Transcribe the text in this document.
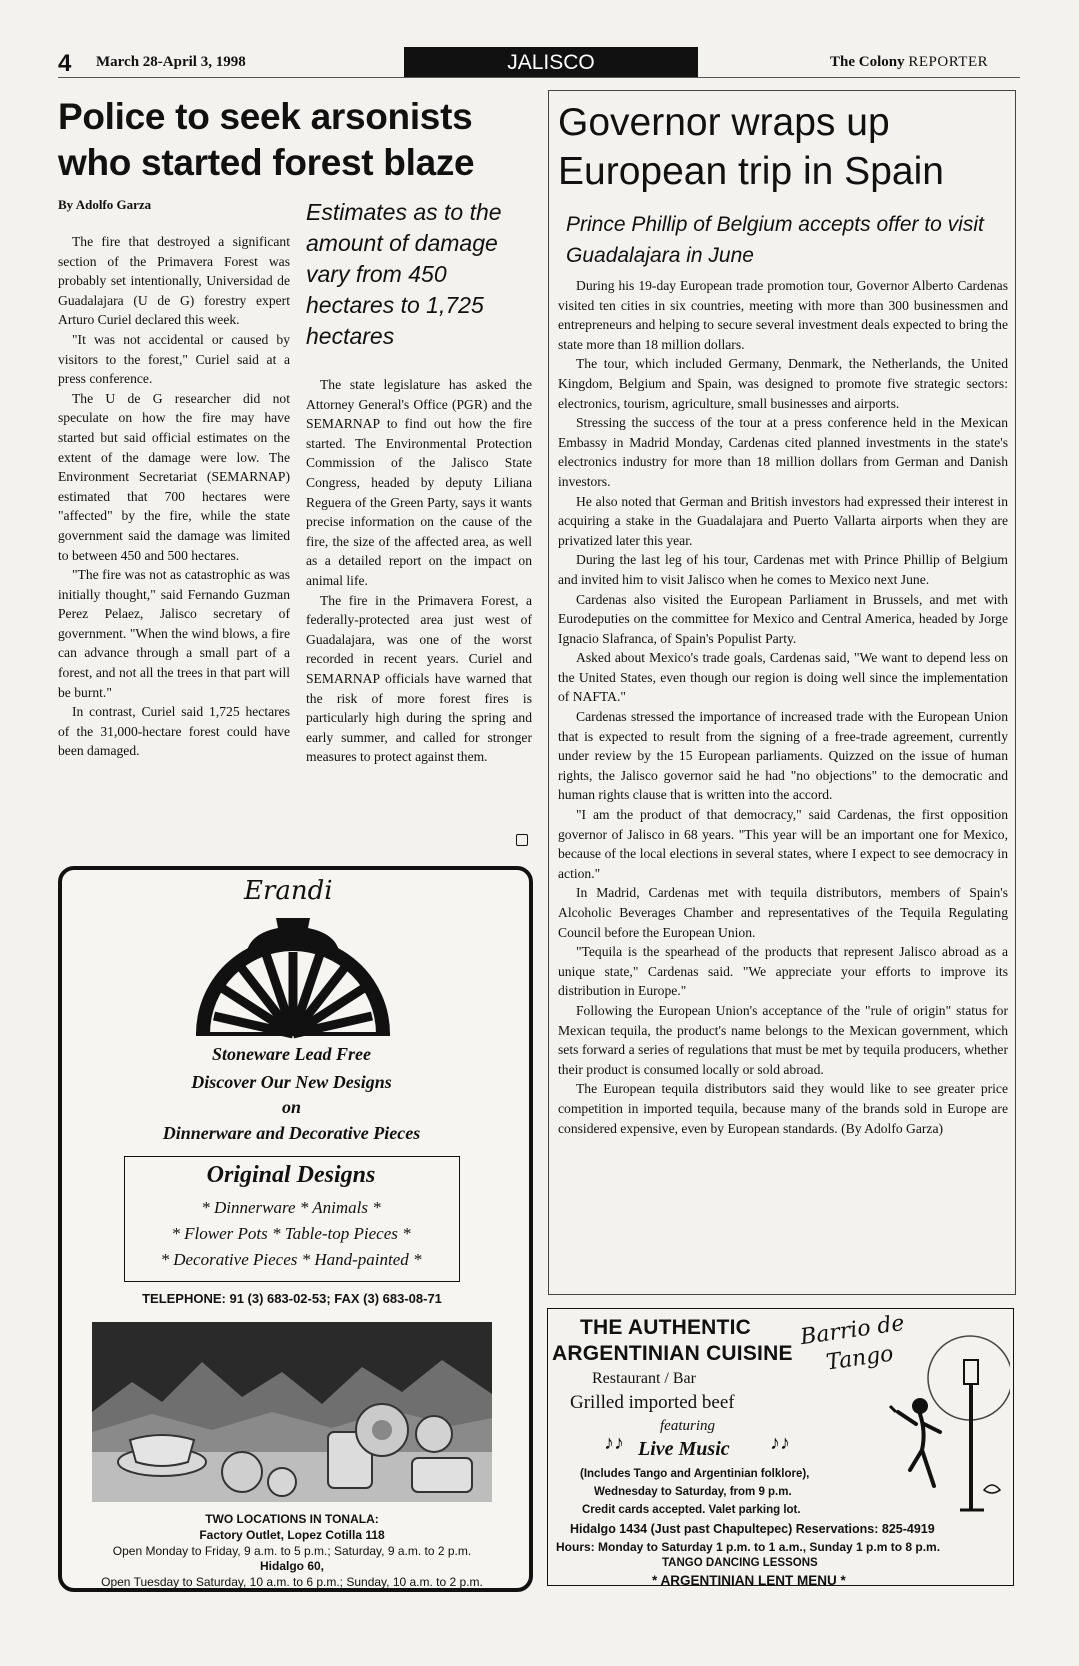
4 March 28-April 3, 1998	JALISCO	The Colony REPORTER
Police to seek arsonists
who started forest blaze
By Adolfo Garza	Estimates as to the amount of damage vary from 450 hectares to 1,725 hectares

The fire that destroyed a significant section of the Primavera Forest was probably set intentionally, Universidad de Guadalajara (U de G) forestry expert Arturo Curiel declared this week.

"It was not accidental or caused by visitors to the forest," Curiel said at a press conference.

The U de G researcher did not speculate on how the fire may have started but said official estimates on the extent of the damage were low. The Environment Secretariat (SEMARNAP) estimated that 700 hectares were "affected" by the fire, while the state government said the damage was limited to between 450 and 500 hectares.

"The fire was not as catastrophic as was initially thought," said Fernando Guzman Perez Pelaez, Jalisco secretary of government. "When the wind blows, a fire can advance through a small part of a forest, and not all the trees in that part will be burnt."

In contrast, Curiel said 1,725 hectares of the 31,000-hectare forest could have been damaged.

The state legislature has asked the Attorney General's Office (PGR) and the SEMARNAP to find out how the fire started. The Environmental Protection Commission of the Jalisco State Congress, headed by deputy Liliana Reguera of the Green Party, says it wants precise information on the cause of the fire, the size of the affected area, as well as a detailed report on the impact on animal life.

The fire in the Primavera Forest, a federally-protected area just west of Guadalajara, was one of the worst recorded in recent years. Curiel and SEMARNAP officials have warned that the risk of more forest fires is particularly high during the spring and early summer, and called for stronger measures to protect against them.

Governor wraps up
European trip in Spain
Prince Phillip of Belgium accepts offer to visit Guadalajara in June

During his 19-day European trade promotion tour, Governor Alberto Cardenas visited ten cities in six countries, meeting with more than 300 businessmen and entrepreneurs and helping to secure several investment deals expected to bring the state more than 18 million dollars.

The tour, which included Germany, Denmark, the Netherlands, the United Kingdom, Belgium and Spain, was designed to promote five strategic sectors: electronics, tourism, agriculture, small businesses and airports.

Stressing the success of the tour at a press conference held in the Mexican Embassy in Madrid Monday, Cardenas cited planned investments in the state's electronics industry for more than 18 million dollars from German and Danish investors.

He also noted that German and British investors had expressed their interest in acquiring a stake in the Guadalajara and Puerto Vallarta airports when they are privatized later this year.

During the last leg of his tour, Cardenas met with Prince Phillip of Belgium and invited him to visit Jalisco when he comes to Mexico next June.

Cardenas also visited the European Parliament in Brussels, and met with Eurodeputies on the committee for Mexico and Central America, headed by Jorge Ignacio Slafranca, of Spain's Populist Party.

Asked about Mexico's trade goals, Cardenas said, "We want to depend less on the United States, even though our region is doing well since the implementation of NAFTA."

Cardenas stressed the importance of increased trade with the European Union that is expected to result from the signing of a free-trade agreement, currently under review by the 15 European parliaments. Quizzed on the issue of human rights, the Jalisco governor said he had "no objections" to the democratic and human rights clause that is written into the accord.

"I am the product of that democracy," said Cardenas, the first opposition governor of Jalisco in 68 years. "This year will be an important one for Mexico, because of the local elections in several states, where I expect to see democracy in action."

In Madrid, Cardenas met with tequila distributors, members of Spain's Alcoholic Beverages Chamber and representatives of the Tequila Regulating Council before the European Union.

"Tequila is the spearhead of the products that represent Jalisco abroad as a unique state," Cardenas said. "We appreciate your efforts to improve its distribution in Europe."

Following the European Union's acceptance of the "rule of origin" status for Mexican tequila, the product's name belongs to the Mexican government, which sets forward a series of regulations that must be met by tequila producers, whether their product is consumed locally or sold abroad.

The European tequila distributors said they would like to see greater price competition in imported tequila, because many of the brands sold in Europe are considered expensive, even by European standards. (By Adolfo Garza)

Erandi
Stoneware Lead Free
Discover Our New Designs
on
Dinnerware and Decorative Pieces
Original Designs
* Dinnerware * Animals *
* Flower Pots * Table-top Pieces *
* Decorative Pieces * Hand-painted *
TELEPHONE: 91 (3) 683-02-53; FAX (3) 683-08-71
TWO LOCATIONS IN TONALA:
Factory Outlet, Lopez Cotilla 118
Open Monday to Friday, 9 a.m. to 5 p.m.; Saturday, 9 a.m. to 2 p.m.
Hidalgo 60,
Open Tuesday to Saturday, 10 a.m. to 6 p.m.; Sunday, 10 a.m. to 2 p.m.
THE AUTHENTIC
ARGENTINIAN CUISINE
Restaurant / Bar
Grilled imported beef
featuring
♪♪ Live Music ♪♪
(Includes Tango and Argentinian folklore),
Wednesday to Saturday, from 9 p.m.
Credit cards accepted. Valet parking lot.
Hidalgo 1434 (Just past Chapultepec) Reservations: 825-4919
Hours: Monday to Saturday 1 p.m. to 1 a.m., Sunday 1 p.m to 8 p.m.
TANGO DANCING LESSONS
* ARGENTINIAN LENT MENU *
Barrio de
Tango
